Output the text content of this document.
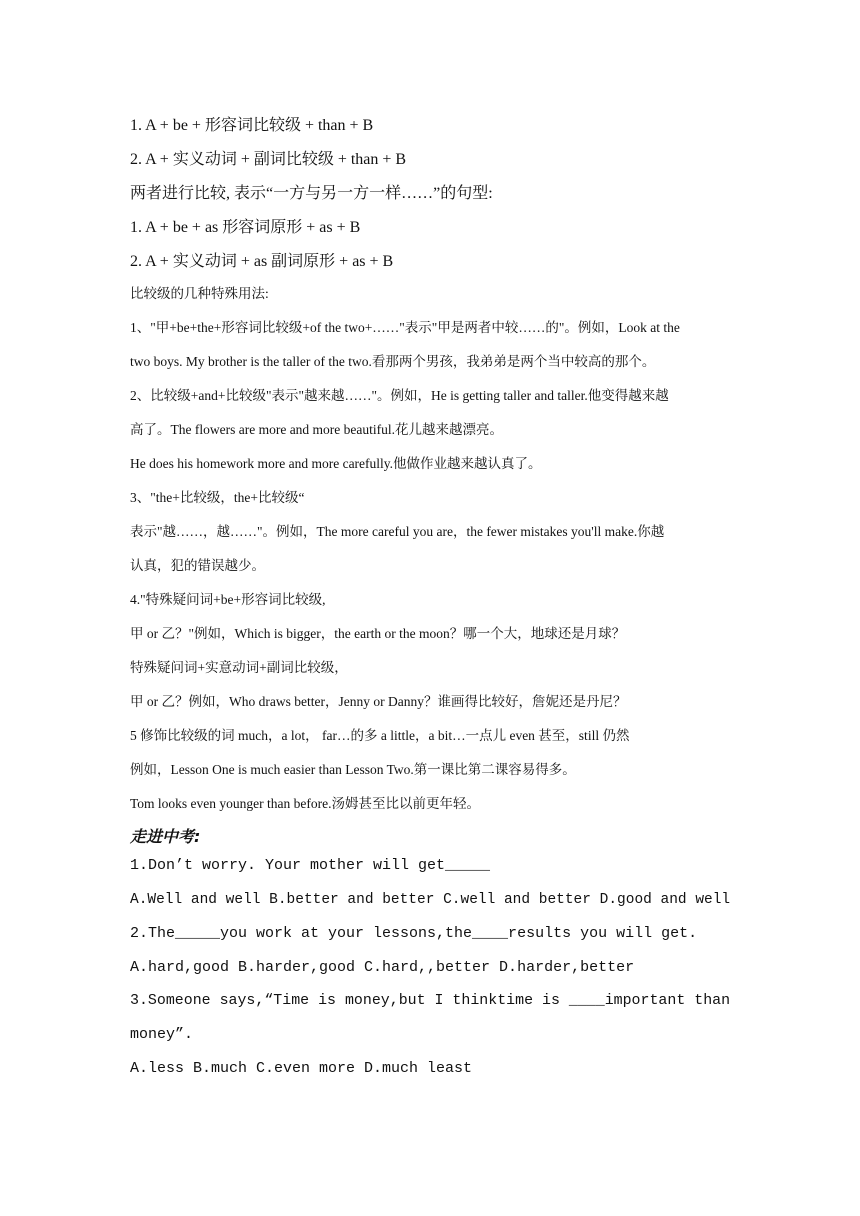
1. A + be + 形容词比较级 + than + B
2. A + 实义动词 + 副词比较级 + than + B
两者进行比较, 表示“一方与另一方一样……”的句型:
1. A + be + as 形容词原形 + as + B
2. A + 实义动词 + as 副词原形 + as + B
比较级的几种特殊用法:
1、"甲+be+the+形容词比较级+of the two+……"表示"甲是两者中较……的"。例如，Look at the
two boys. My brother is the taller of the two.看那两个男孩，我弟弟是两个当中较高的那个。
2、比较级+and+比较级"表示"越来越……"。例如，He is getting taller and taller.他变得越来越
高了。The flowers are more and more beautiful.花儿越来越漂亮。
He does his homework more and more carefully.他做作业越来越认真了。
3、"the+比较级，the+比较级“
表示"越……，越……"。例如，The more careful you are，the fewer mistakes you'll make.你越
认真，犯的错误越少。
4."特殊疑问词+be+形容词比较级,
甲 or 乙？"例如，Which is bigger，the earth or the moon？哪一个大，地球还是月球？
特殊疑问词+实意动词+副词比较级，
甲 or 乙？例如，Who draws better，Jenny or Danny？谁画得比较好，詹妮还是丹尼？
5 修饰比较级的词 much，a lot， far…的多 a little，a bit…一点儿 even 甚至，still 仍然
例如，Lesson One is much easier than Lesson Two.第一课比第二课容易得多。
Tom looks even younger than before.汤姆甚至比以前更年轻。
走进中考:
1.Don’t worry. Your mother will get_____
A.Well and well B.better and better C.well and better D.good and well
2.The_____you work at your lessons,the____results you will get.
A.hard,good B.harder,good C.hard,,better D.harder,better
3.Someone says,“Time is money,but I thinktime is ____important than
money”.
A.less B.much C.even more D.much least
